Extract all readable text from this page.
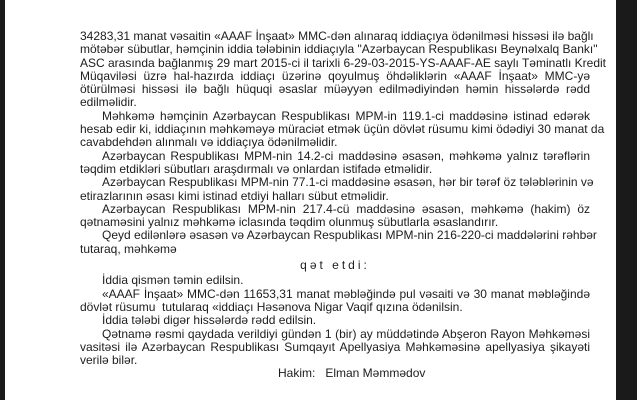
34283,31 manat vəsaitin «AAAF İnşaat» MMC-dən alınaraq iddiaçıya ödənilməsi hissəsi ilə bağlı
mötəbər sübutlar, həmçinin iddia tələbinin iddiaçıyla "Azərbaycan Respublikası Beynəlxalq Bankı"
ASC arasında bağlanmış 29 mart 2015-ci il tarixli 6-29-03-2015-YS-AAAF-AE saylı Təminatlı Kredit
Müqaviləsi üzrə hal-hazırda iddiaçı üzərinə qoyulmuş öhdəliklərin «AAAF İnşaat» MMC-yə
ötürülməsi hissəsi ilə bağlı hüquqi əsaslar müəyyən edilmədiyindən həmin hissələrdə rədd
edilməlidir.
Məhkəmə həmçinin Azərbaycan Respublikası MPM-in 119.1-ci maddəsinə istinad edərək
hesab edir ki, iddiaçının məhkəməyə müraciət etmək üçün dövlət rüsumu kimi ödədiyi 30 manat da
cavabdehdən alınmalı və iddiaçıya ödənilməlidir.
Azərbaycan Respublikası MPM-nin 14.2-ci maddəsinə əsasən, məhkəmə yalnız tərəflərin
təqdim etdikləri sübutları araşdırmalı və onlardan istifadə etməlidir.
Azərbaycan Respublikası MPM-nin 77.1-ci maddəsinə əsasən, hər bir tərəf öz tələblərinin və
etirazlarının əsası kimi istinad etdiyi halları sübut etməlidir.
Azərbaycan Respublikası MPM-nin 217.4-cü maddəsinə əsasən, məhkəmə (hakim) öz
qətnaməsini yalnız məhkəmə iclasında təqdim olunmuş sübutlarla əsaslandırır.
Qeyd edilənlərə əsasən və Azərbaycan Respublikası MPM-nin 216-220-ci maddələrini rəhbər
tutaraq, məhkəmə
qət etdi:
İddia qismən təmin edilsin.
«AAAF İnşaat» MMC-dən 11653,31 manat məbləğində pul vəsaiti və 30 manat məbləğində
dövlət rüsumu  tutularaq «iddiaçı Həsənova Nigar Vaqif qızına ödənilsin.
İddia tələbi digər hissələrdə rədd edilsin.
Qətnamə rəsmi qaydada verildiyi gündən 1 (bir) ay müddətində Abşeron Rayon Məhkəməsi
vasitəsi ilə Azərbaycan Respublikası Sumqayıt Apellyasiya Məhkəməsinə apellyasiya şikayəti
verilə bilər.
Hakim:   Elman Məmmədov
